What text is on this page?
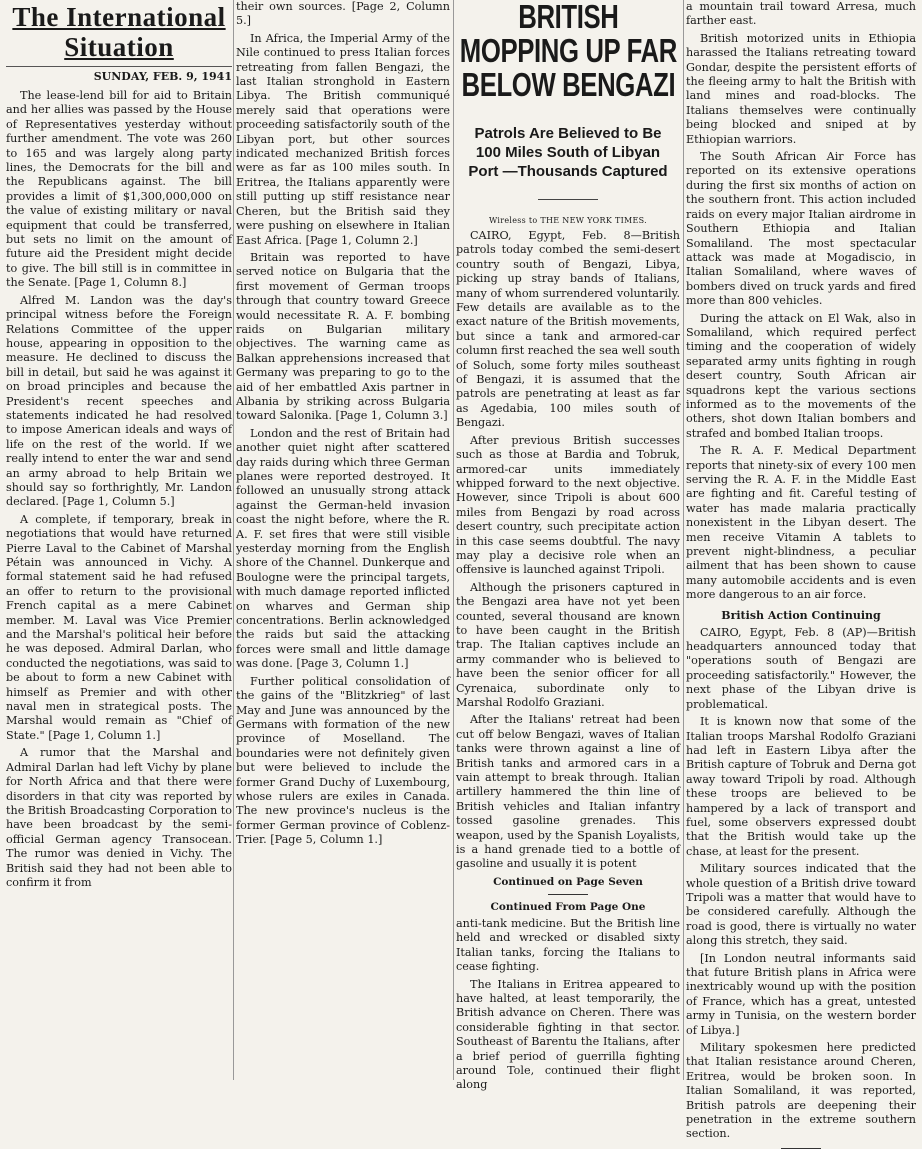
The International Situation
SUNDAY, FEB. 9, 1941

The lease-lend bill for aid to Britain and her allies was passed by the House of Representatives yesterday without further amendment. The vote was 260 to 165 and was largely along party lines, the Democrats for the bill and the Republicans against. The bill provides a limit of $1,300,000,000 on the value of existing military or naval equipment that could be transferred, but sets no limit on the amount of future aid the President might decide to give. The bill still is in committee in the Senate. [Page 1, Column 8.]

Alfred M. Landon was the day's principal witness before the Foreign Relations Committee of the upper house, appearing in opposition to the measure. He declined to discuss the bill in detail, but said he was against it on broad principles and because the President's recent speeches and statements indicated he had resolved to impose American ideals and ways of life on the rest of the world. If we really intend to enter the war and send an army abroad to help Britain we should say so forthrightly, Mr. Landon declared. [Page 1, Column 5.]

A complete, if temporary, break in negotiations that would have returned Pierre Laval to the Cabinet of Marshal Pétain was announced in Vichy. A formal statement said he had refused an offer to return to the provisional French capital as a mere Cabinet member. M. Laval was Vice Premier and the Marshal's political heir before he was deposed. Admiral Darlan, who conducted the negotiations, was said to be about to form a new Cabinet with himself as Premier and with other naval men in strategical posts. The Marshal would remain as "Chief of State." [Page 1, Column 1.]

A rumor that the Marshal and Admiral Darlan had left Vichy by plane for North Africa and that there were disorders in that city was reported by the British Broadcasting Corporation to have been broadcast by the semi-official German agency Transocean. The rumor was denied in Vichy. The British said they had not been able to confirm it from

their own sources. [Page 2, Column 5.]

In Africa, the Imperial Army of the Nile continued to press Italian forces retreating from fallen Bengazi, the last Italian stronghold in Eastern Libya. The British communiqué merely said that operations were proceeding satisfactorily south of the Libyan port, but other sources indicated mechanized British forces were as far as 100 miles south. In Eritrea, the Italians apparently were still putting up stiff resistance near Cheren, but the British said they were pushing on elsewhere in Italian East Africa. [Page 1, Column 2.]

Britain was reported to have served notice on Bulgaria that the first movement of German troops through that country toward Greece would necessitate R. A. F. bombing raids on Bulgarian military objectives. The warning came as Balkan apprehensions increased that Germany was preparing to go to the aid of her embattled Axis partner in Albania by striking across Bulgaria toward Salonika. [Page 1, Column 3.]

London and the rest of Britain had another quiet night after scattered day raids during which three German planes were reported destroyed. It followed an unusually strong attack against the German-held invasion coast the night before, where the R. A. F. set fires that were still visible yesterday morning from the English shore of the Channel. Dunkerque and Boulogne were the principal targets, with much damage reported inflicted on wharves and German ship concentrations. Berlin acknowledged the raids but said the attacking forces were small and little damage was done. [Page 3, Column 1.]

Further political consolidation of the gains of the "Blitzkrieg" of last May and June was announced by the Germans with formation of the new province of Moselland. The boundaries were not definitely given but were believed to include the former Grand Duchy of Luxembourg, whose rulers are exiles in Canada. The new province's nucleus is the former German province of Coblenz-Trier. [Page 5, Column 1.]

BRITISH MOPPING UP FAR BELOW BENGAZI
Patrols Are Believed to Be 100 Miles South of Libyan Port —Thousands Captured
Wireless to THE NEW YORK TIMES.

CAIRO, Egypt, Feb. 8—British patrols today combed the semi-desert country south of Bengazi, Libya, picking up stray bands of Italians, many of whom surrendered voluntarily. Few details are available as to the exact nature of the British movements, but since a tank and armored-car column first reached the sea well south of Soluch, some forty miles southeast of Bengazi, it is assumed that the patrols are penetrating at least as far as Agedabia, 100 miles south of Bengazi.

After previous British successes such as those at Bardia and Tobruk, armored-car units immediately whipped forward to the next objective. However, since Tripoli is about 600 miles from Bengazi by road across desert country, such precipitate action in this case seems doubtful. The navy may play a decisive role when an offensive is launched against Tripoli.

Although the prisoners captured in the Bengazi area have not yet been counted, several thousand are known to have been caught in the British trap. The Italian captives include an army commander who is believed to have been the senior officer for all Cyrenaica, subordinate only to Marshal Rodolfo Graziani.

After the Italians' retreat had been cut off below Bengazi, waves of Italian tanks were thrown against a line of British tanks and armored cars in a vain attempt to break through. Italian artillery hammered the thin line of British vehicles and Italian infantry tossed gasoline grenades. This weapon, used by the Spanish Loyalists, is a hand grenade tied to a bottle of gasoline and usually it is potent

Continued on Page Seven
Continued From Page One

anti-tank medicine. But the British line held and wrecked or disabled sixty Italian tanks, forcing the Italians to cease fighting.

The Italians in Eritrea appeared to have halted, at least temporarily, the British advance on Cheren. There was considerable fighting in that sector. Southeast of Barentu the Italians, after a brief period of guerrilla fighting around Tole, continued their flight along

a mountain trail toward Arresa, much farther east.

British motorized units in Ethiopia harassed the Italians retreating toward Gondar, despite the persistent efforts of the fleeing army to halt the British with land mines and road-blocks. The Italians themselves were continually being blocked and sniped at by Ethiopian warriors.

The South African Air Force has reported on its extensive operations during the first six months of action on the southern front. This action included raids on every major Italian airdrome in Southern Ethiopia and Italian Somaliland. The most spectacular attack was made at Mogadiscio, in Italian Somaliland, where waves of bombers dived on truck yards and fired more than 800 vehicles.

During the attack on El Wak, also in Somaliland, which required perfect timing and the cooperation of widely separated army units fighting in rough desert country, South African air squadrons kept the various sections informed as to the movements of the others, shot down Italian bombers and strafed and bombed Italian troops.

The R. A. F. Medical Department reports that ninety-six of every 100 men serving the R. A. F. in the Middle East are fighting and fit. Careful testing of water has made malaria practically nonexistent in the Libyan desert. The men receive Vitamin A tablets to prevent night-blindness, a peculiar ailment that has been shown to cause many automobile accidents and is even more dangerous to an air force.

British Action Continuing

CAIRO, Egypt, Feb. 8 (AP)—British headquarters announced today that "operations south of Bengazi are proceeding satisfactorily." However, the next phase of the Libyan drive is problematical.

It is known now that some of the Italian troops Marshal Rodolfo Graziani had left in Eastern Libya after the British capture of Tobruk and Derna got away toward Tripoli by road. Although these troops are believed to be hampered by a lack of transport and fuel, some observers expressed doubt that the British would take up the chase, at least for the present.

Military sources indicated that the whole question of a British drive toward Tripoli was a matter that would have to be considered carefully. Although the road is good, there is virtually no water along this stretch, they said.

[In London neutral informants said that future British plans in Africa were inextricably wound up with the position of France, which has a great, untested army in Tunisia, on the western border of Libya.]

Military spokesmen here predicted that Italian resistance around Cheren, Eritrea, would be broken soon. In Italian Somaliland, it was reported, British patrols are deepening their penetration in the extreme southern section.
